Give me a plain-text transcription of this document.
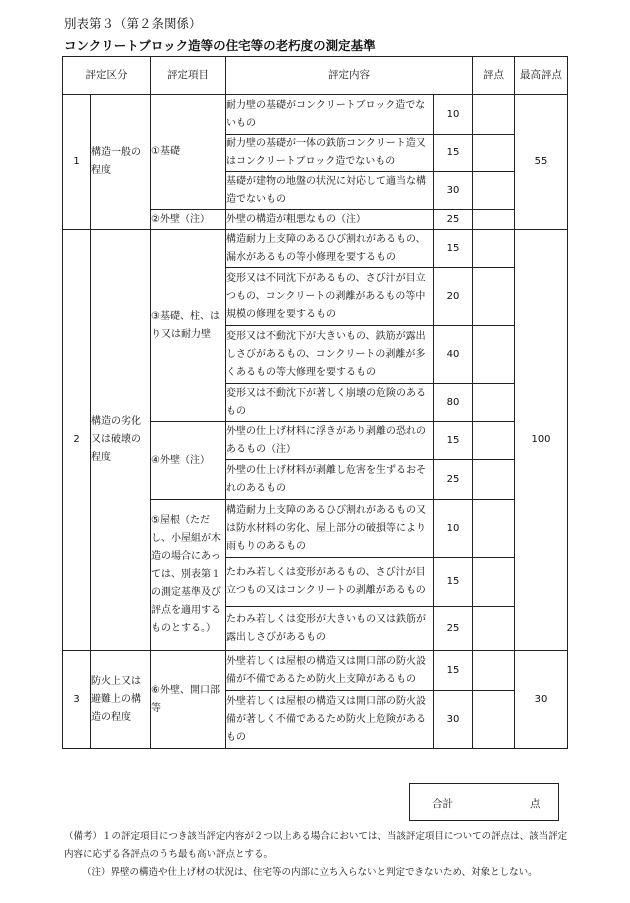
別表第３（第２条関係）
コンクリートブロック造等の住宅等の老朽度の測定基準
評定区分		評定項目	評定内容		評点	最高評点
1	構造一般の程度	①基礎	耐力壁の基礎がコンクリートブロック造でないもの	10		55
			耐力壁の基礎が一体の鉄筋コンクリート造又はコンクリートブロック造でないもの	15		
			基礎が建物の地盤の状況に対応して適当な構造でないもの	30		
		②外壁（注）	外壁の構造が粗悪なもの（注）	25		
2	構造の劣化又は破壊の程度	③基礎、柱、はり又は耐力壁	構造耐力上支障のあるひび割れがあるもの、漏水があるもの等小修理を要するもの	15		100
			変形又は不同沈下があるもの、さび汁が目立つもの、コンクリートの剥離があるもの等中規模の修理を要するもの	20		
			変形又は不動沈下が大きいもの、鉄筋が露出しさびがあるもの、コンクリートの剥離が多くあるもの等大修理を要するもの	40		
			変形又は不動沈下が著しく崩壊の危険のあるもの	80		
		④外壁（注）	外壁の仕上げ材料に浮きがあり剥離の恐れのあるもの（注）	15		
			外壁の仕上げ材料が剥離し危害を生ずるおそれのあるもの	25		
		⑤屋根（ただし、小屋組が木造の場合にあっては、別表第１の測定基準及び評点を適用するものとする。）	構造耐力上支障のあるひび割れがあるもの又は防水材料の劣化、屋上部分の破損等により雨もりのあるもの	10		
			たわみ若しくは変形があるもの、さび汁が目立つもの又はコンクリートの剥離があるもの	15		
			たわみ若しくは変形が大きいもの又は鉄筋が露出しさびがあるもの	25		
3	防火上又は避難上の構造の程度	⑥外壁、開口部等	外壁若しくは屋根の構造又は開口部の防火設備が不備であるため防火上支障があるもの	15		30
			外壁若しくは屋根の構造又は開口部の防火設備が著しく不備であるため防火上危険があるもの	30		
合計	点
（備考）１の評定項目につき該当評定内容が２つ以上ある場合においては、当該評定項目についての評点は、該当評定内容に応ずる各評点のうち最も高い評点とする。
（注）界壁の構造や仕上げ材の状況は、住宅等の内部に立ち入らないと判定できないため、対象としない。
